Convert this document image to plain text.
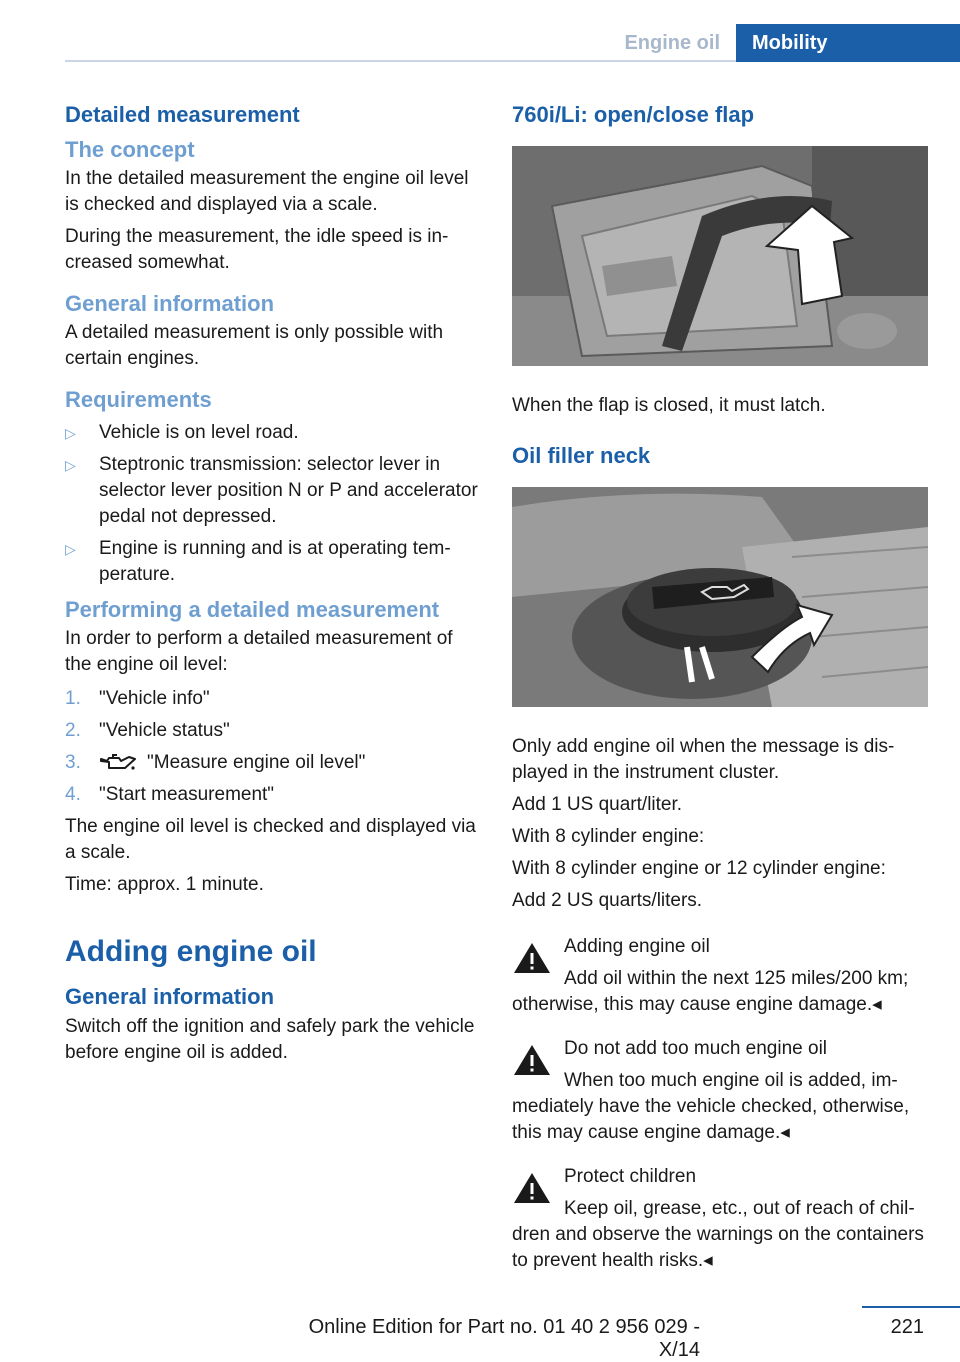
Engine oil	Mobility
Detailed measurement
The concept

In the detailed measurement the engine oil level is checked and displayed via a scale.

During the measurement, the idle speed is increased somewhat.

General information

A detailed measurement is only possible with certain engines.

Requirements
▷ Vehicle is on level road.
▷ Steptronic transmission: selector lever in selector lever position N or P and accelerator pedal not depressed.
▷ Engine is running and is at operating temperature.
Performing a detailed measurement

In order to perform a detailed measurement of the engine oil level:

1. "Vehicle info"
2. "Vehicle status"
3.	"Measure engine oil level"
4. "Start measurement"

The engine oil level is checked and displayed via a scale.

Time: approx. 1 minute.

Adding engine oil
General information

Switch off the ignition and safely park the vehicle before engine oil is added.

760i/Li: open/close flap

When the flap is closed, it must latch.

Oil filler neck

Only add engine oil when the message is displayed in the instrument cluster.

Add 1 US quart/liter.

With 8 cylinder engine:

With 8 cylinder engine or 12 cylinder engine:

Add 2 US quarts/liters.

Adding engine oil
Add oil within the next 125 miles/200 km; otherwise, this may cause engine damage.◂
Do not add too much engine oil
When too much engine oil is added, immediately have the vehicle checked, otherwise, this may cause engine damage.◂
Protect children
Keep oil, grease, etc., out of reach of children and observe the warnings on the containers to prevent health risks.◂
221
Online Edition for Part no. 01 40 2 956 029 - X/14
